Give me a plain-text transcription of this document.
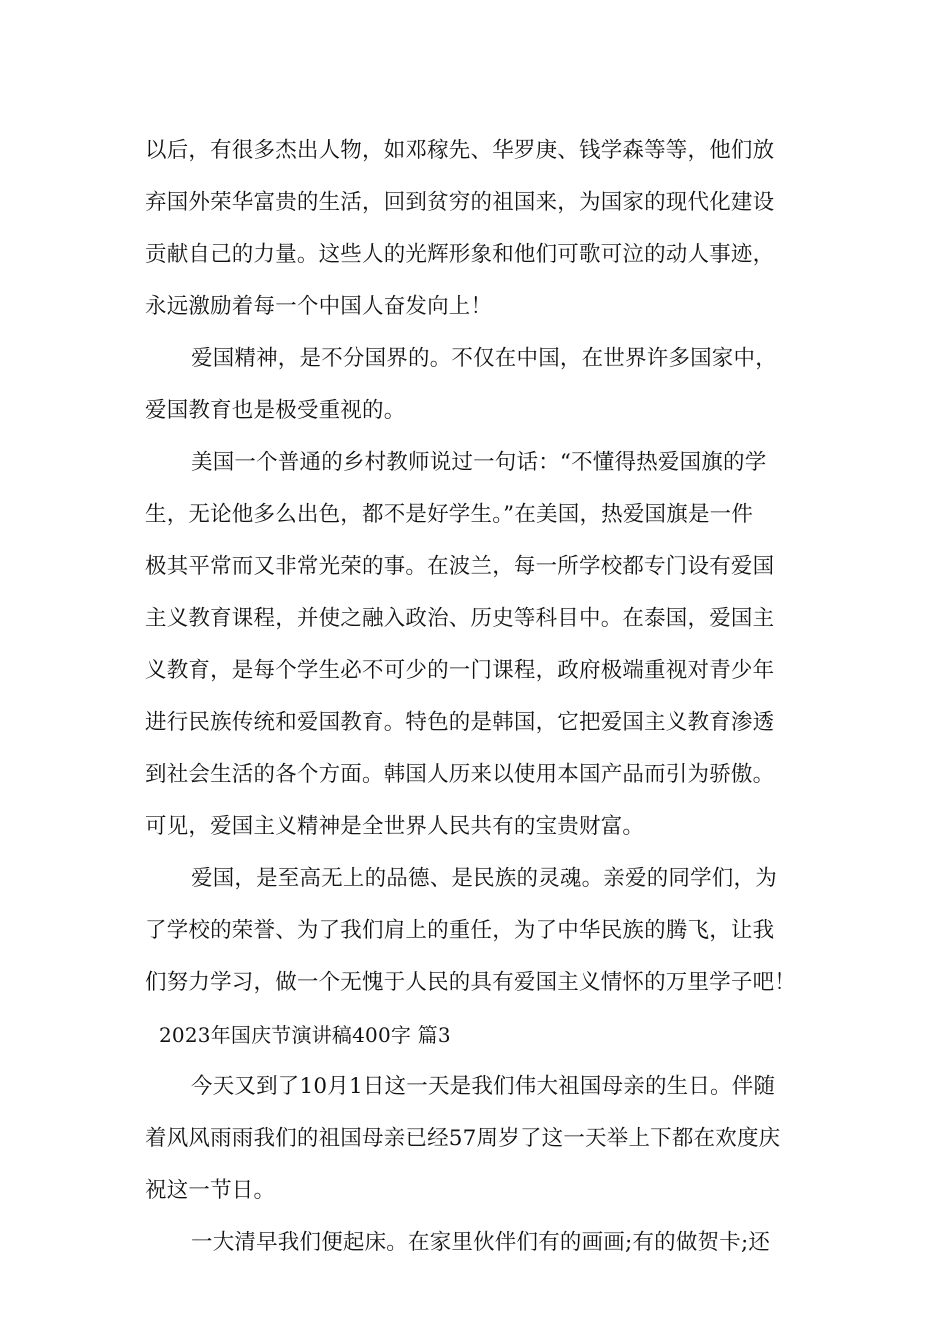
以后，有很多杰出人物，如邓稼先、华罗庚、钱学森等等，他们放
弃国外荣华富贵的生活，回到贫穷的祖国来，为国家的现代化建设
贡献自己的力量。这些人的光辉形象和他们可歌可泣的动人事迹，
永远激励着每一个中国人奋发向上！
爱国精神，是不分国界的。不仅在中国，在世界许多国家中，
爱国教育也是极受重视的。
美国一个普通的乡村教师说过一句话：“不懂得热爱国旗的学
生，无论他多么出色，都不是好学生。”在美国，热爱国旗是一件
极其平常而又非常光荣的事。在波兰，每一所学校都专门设有爱国
主义教育课程，并使之融入政治、历史等科目中。在泰国，爱国主
义教育，是每个学生必不可少的一门课程，政府极端重视对青少年
进行民族传统和爱国教育。特色的是韩国，它把爱国主义教育渗透
到社会生活的各个方面。韩国人历来以使用本国产品而引为骄傲。
可见，爱国主义精神是全世界人民共有的宝贵财富。
爱国，是至高无上的品德、是民族的灵魂。亲爱的同学们，为
了学校的荣誉、为了我们肩上的重任，为了中华民族的腾飞，让我
们努力学习，做一个无愧于人民的具有爱国主义情怀的万里学子吧！
2023年国庆节演讲稿400字 篇3
今天又到了10月1日这一天是我们伟大祖国母亲的生日。伴随
着风风雨雨我们的祖国母亲已经57周岁了这一天举上下都在欢度庆
祝这一节日。
一大清早我们便起床。在家里伙伴们有的画画;有的做贺卡;还
